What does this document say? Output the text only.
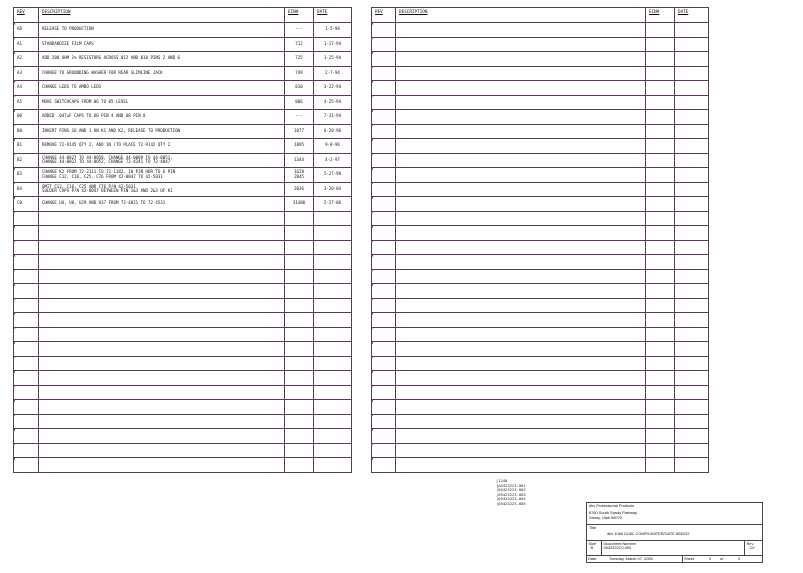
REV	DESCRIPTION	ECN#	DATE
A0	RELEASE TO PRODUCTION	---	1-5-94
A1	STANDARDIZE FILM CAPS	712	1-17-94
A2	ADD 200 OHM 1% RESISTORS ACROSS 012 AND 010 PINS 2 AND 6	725	1-25-94
A3	CHANGE TO GROUNDING WASHER FOR REAR SLIMLINE JACK	749	2-7-94
A4	CHANGE LEDS TO AMBO LEDS	810	3-22-94
A5	MOVE SWITCHCAPS FROM 06 TO 05 LEVEL	806	4-25-94
00	ADDED .047uF CAPS TO U0 PIN 4 AND U8 PIN 8	---	7-31-94
B0	INVERT PINS 16 AND 1 ON K1 AND K2, RELEASE TO PRODUCTION	1077	6-20-96
B1	REMOVE 72-9145 QTY 2, ADD 1N (TO PLACE 72-9142 QTY 2	1095	9-8-96
B2	CHANGE 44-0027 TO 44-0050, CHANGE 44-0009 TO 44-0051,
CHANGE 44-0022 TO 44-0052, CHANGE 72-4241 TO 72-4047	1344	4-2-97
B3	CHANGE K2 FROM 72-2111 TO 72-1182, 10 PIN HDR TO 6 PIN
CHANGE C12, C16, C25, C76 FROM 42-0047 TO 42-5031	1620
2045	5-27-98
B4	OMIT C12, C16, C25 AND C76 P/N 42-5031
SOLDER CAPS P/N 42-0047 BETWEEN PIN 1&3 AND 2&3 OF K1	2036	3-20-04
C0	CHANGE U4, U8, U29 AND U37 FROM 72-4021 TO 72-4531	31480	2-27-06

REV	DESCRIPTION	ECN#	DATE

[1248
|05423223.001
|05423223.002
|05423223.003
|05423223.004
|05423223.005	dbx Professional Products
8760 South Sandy Parkway
Sandy, Utah 84070
Title
dbx 1066 DUAL COMP/LIMITER/GATE 804D22
Size
B
Document Number
0542322C0.000
Rev
C0
Date:	Tuesday, March 07, 2006	Sheet	0 of	0
